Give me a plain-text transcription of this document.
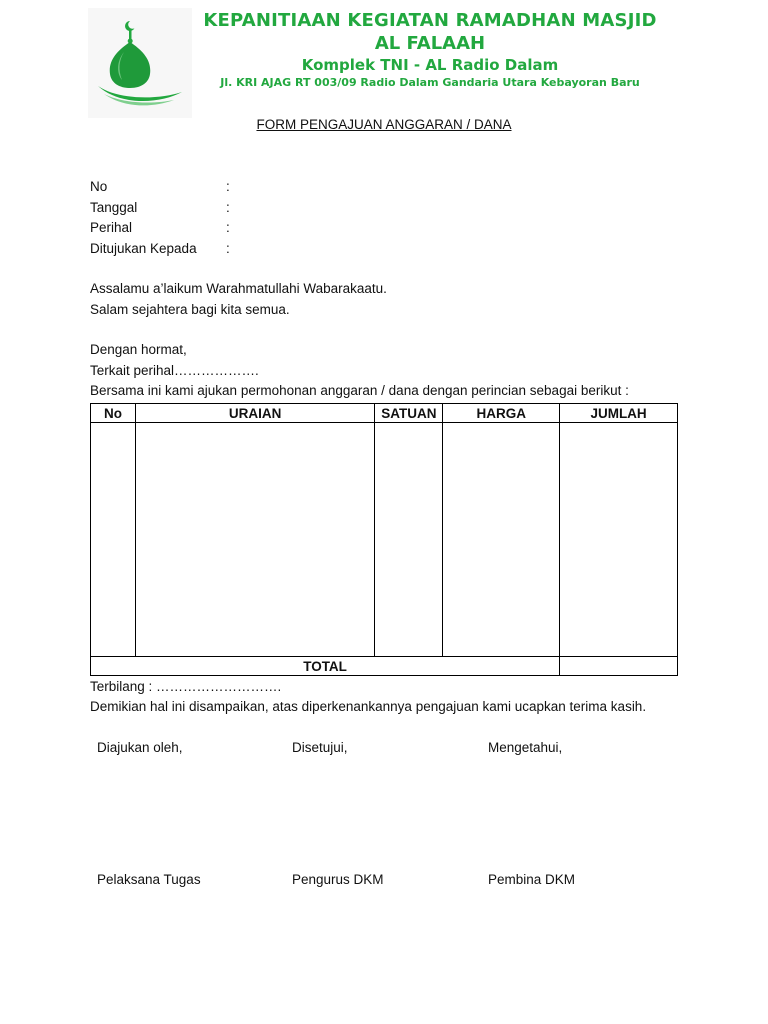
KEPANITIAAN KEGIATAN RAMADHAN MASJID
AL FALAAH
Komplek TNI - AL Radio Dalam
Jl. KRI AJAG RT 003/09 Radio Dalam Gandaria Utara Kebayoran Baru
FORM PENGAJUAN ANGGARAN / DANA
No	:
Tanggal	:
Perihal	:
Ditujukan Kepada :
Assalamu a’laikum Warahmatullahi Wabarakaatu.
Salam sejahtera bagi kita semua.
Dengan hormat,
Terkait perihal……………….
Bersama ini kami ajukan permohonan anggaran / dana dengan perincian sebagai berikut :
No	URAIAN	SATUAN	HARGA	JUMLAH

TOTAL				
Terbilang : ……………………….
Demikian hal ini disampaikan, atas diperkenankannya pengajuan kami ucapkan terima kasih.
Diajukan oleh,	Disetujui,	Mengetahui,
Pelaksana Tugas	Pengurus DKM	Pembina DKM
